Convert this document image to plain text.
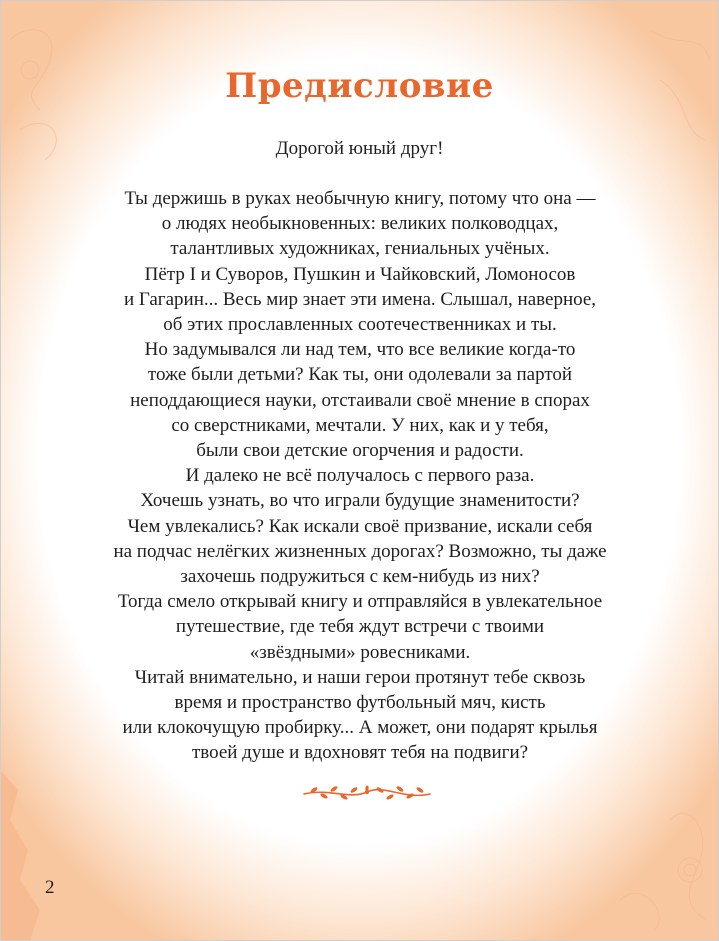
Предисловие
Дорогой юный друг!
Ты держишь в руках необычную книгу, потому что она —
о людях необыкновенных: великих полководцах,
талантливых художниках, гениальных учёных.
Пётр I и Суворов, Пушкин и Чайковский, Ломоносов
и Гагарин... Весь мир знает эти имена. Слышал, наверное,
об этих прославленных соотечественниках и ты.
Но задумывался ли над тем, что все великие когда-то
тоже были детьми? Как ты, они одолевали за партой
неподдающиеся науки, отстаивали своё мнение в спорах
со сверстниками, мечтали. У них, как и у тебя,
были свои детские огорчения и радости.
И далеко не всё получалось с первого раза.
Хочешь узнать, во что играли будущие знаменитости?
Чем увлекались? Как искали своё призвание, искали себя
на подчас нелёгких жизненных дорогах? Возможно, ты даже
захочешь подружиться с кем-нибудь из них?
Тогда смело открывай книгу и отправляйся в увлекательное
путешествие, где тебя ждут встречи с твоими
«звёздными» ровесниками.
Читай внимательно, и наши герои протянут тебе сквозь
время и пространство футбольный мяч, кисть
или клокочущую пробирку... А может, они подарят крылья
твоей душе и вдохновят тебя на подвиги?
2
